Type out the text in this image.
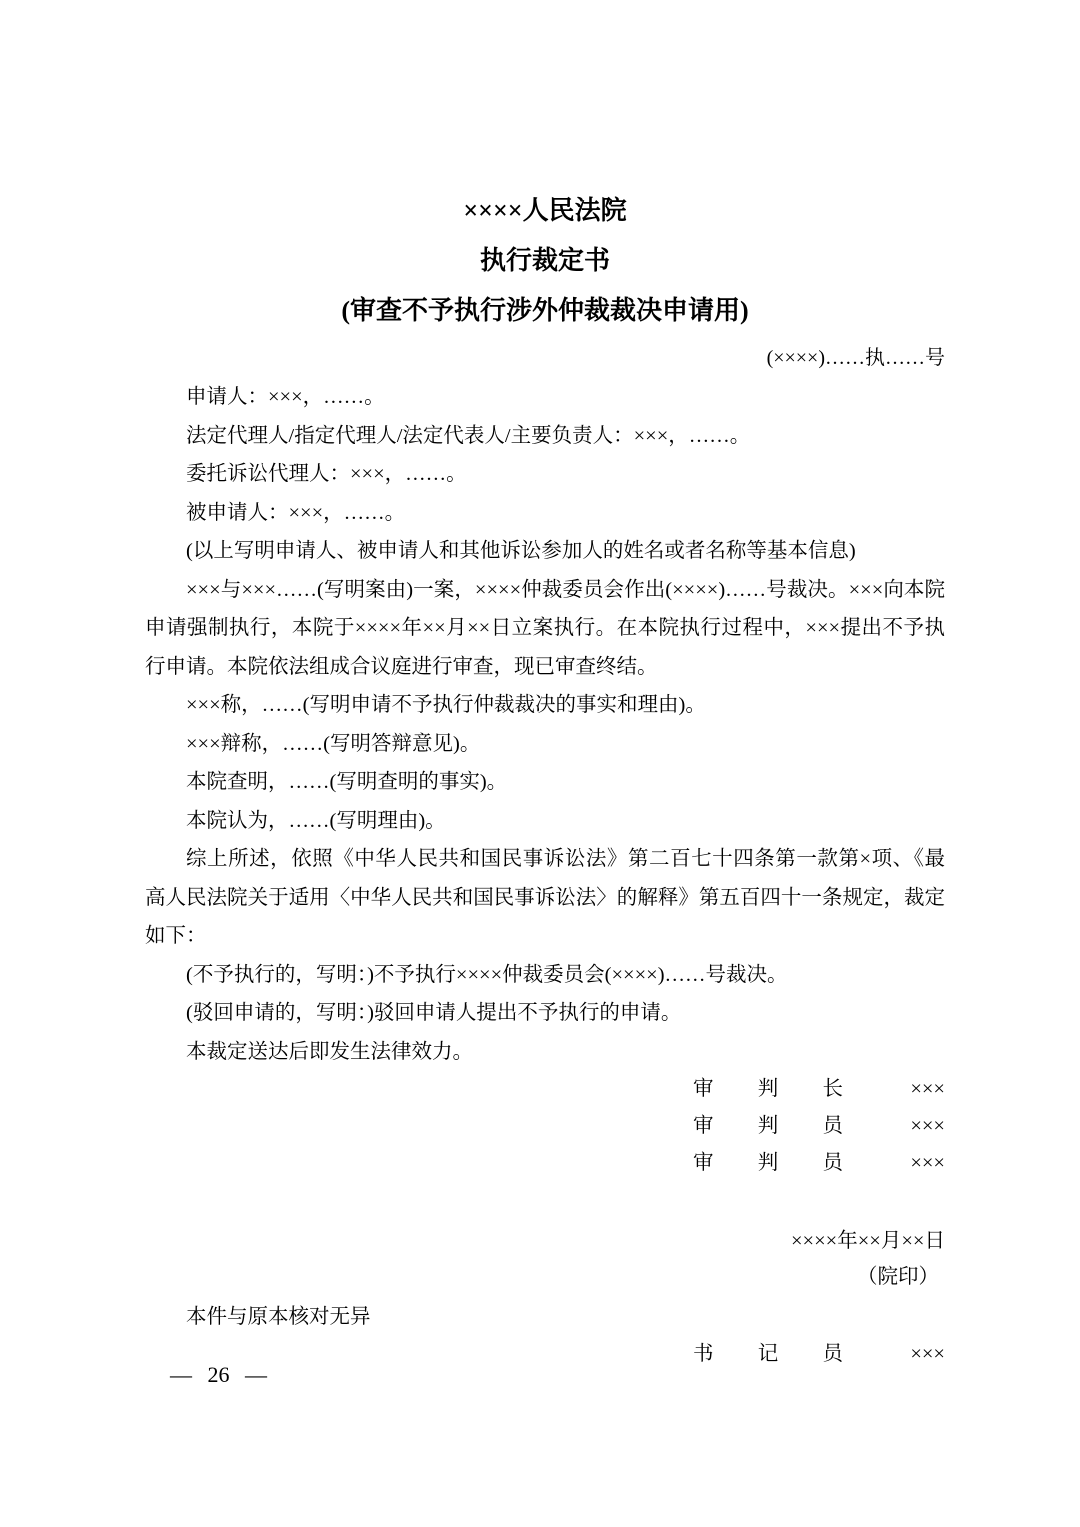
××××人民法院
执行裁定书
(审查不予执行涉外仲裁裁决申请用)
(××××)……执……号

申请人：×××，……。

法定代理人/指定代理人/法定代表人/主要负责人：×××，……。

委托诉讼代理人：×××，……。

被申请人：×××，……。

(以上写明申请人、被申请人和其他诉讼参加人的姓名或者名称等基本信息)

×××与×××……(写明案由)一案，××××仲裁委员会作出(××××)……号裁决。×××向本院申请强制执行，本院于××××年××月××日立案执行。在本院执行过程中，×××提出不予执行申请。本院依法组成合议庭进行审查，现已审查终结。

×××称，……(写明申请不予执行仲裁裁决的事实和理由)。

×××辩称，……(写明答辩意见)。

本院查明，……(写明查明的事实)。

本院认为，……(写明理由)。

综上所述，依照《中华人民共和国民事诉讼法》第二百七十四条第一款第×项、《最高人民法院关于适用〈中华人民共和国民事诉讼法〉的解释》第五百四十一条规定，裁定如下：

(不予执行的，写明：)不予执行××××仲裁委员会(××××)……号裁决。

(驳回申请的，写明：)驳回申请人提出不予执行的申请。

本裁定送达后即发生法律效力。

审 判 长	×××
审 判 员	×××
审 判 员	×××
××××年××月××日
（院印）
本件与原本核对无异
书 记 员	×××
— 26 —
